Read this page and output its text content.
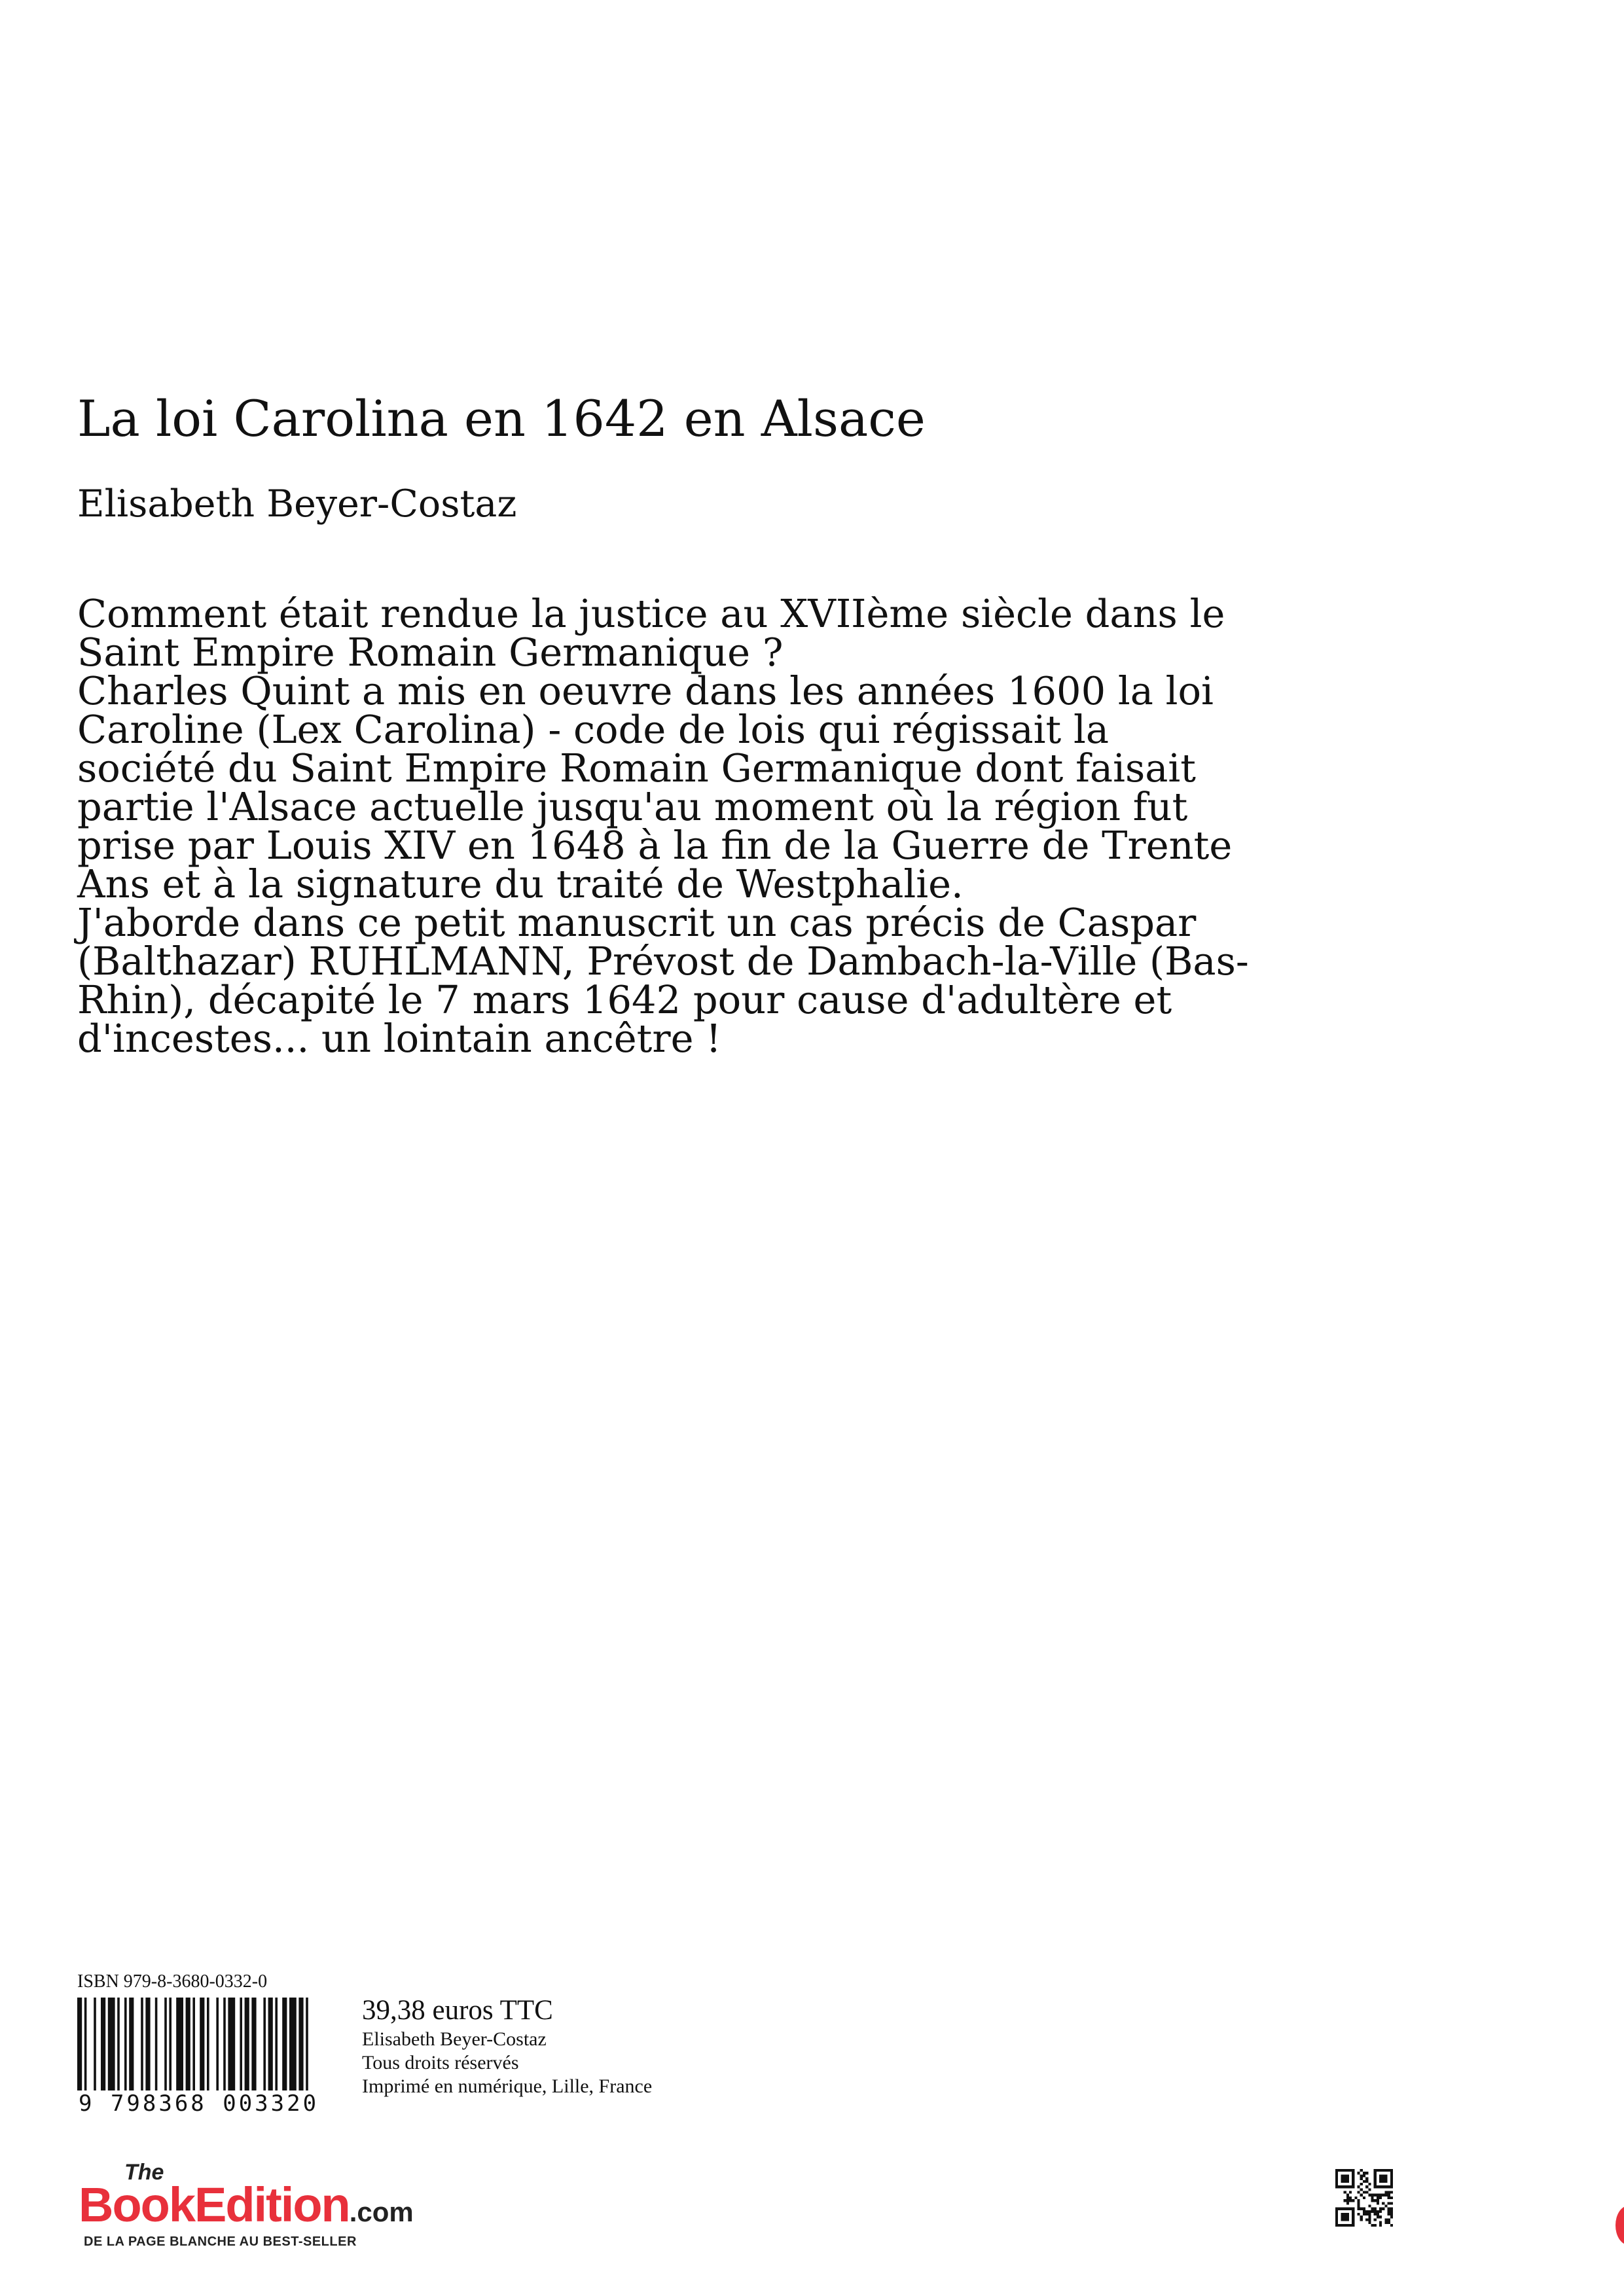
La loi Carolina en 1642 en Alsace
Elisabeth Beyer-Costaz

Comment était rendue la justice au XVIIème siècle dans le Saint Empire Romain Germanique ?

Charles Quint a mis en oeuvre dans les années 1600 la loi Caroline (Lex Carolina) - code de lois qui régissait la société du Saint Empire Romain Germanique dont faisait partie l'Alsace actuelle jusqu'au moment où la région fut prise par Louis XIV en 1648 à la fin de la Guerre de Trente Ans et à la signature du traité de Westphalie.

J'aborde dans ce petit manuscrit un cas précis de Caspar (Balthazar) RUHLMANN, Prévost de Dambach-la-Ville (Bas-Rhin), décapité le 7 mars 1642 pour cause d'adultère et d'incestes... un lointain ancêtre !

ISBN 979-8-3680-0332-0
9 798368 003320
39,38 euros TTC
Elisabeth Beyer-Costaz
Tous droits réservés
Imprimé en numérique, Lille, France
The
BookEdition.com
DE LA PAGE BLANCHE AU BEST-SELLER
